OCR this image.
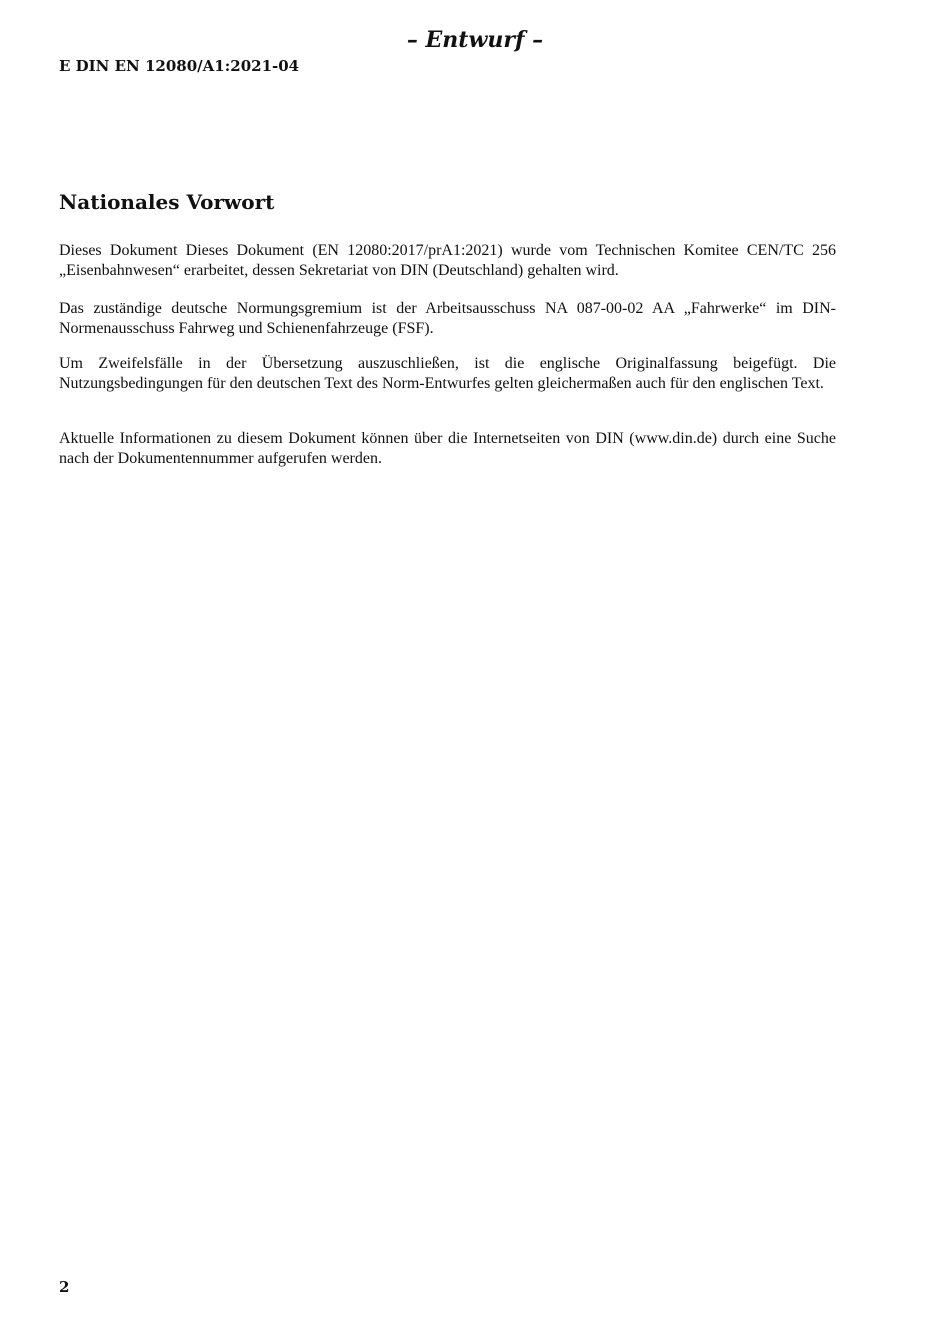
– Entwurf –
E DIN EN 12080/A1:2021-04
Nationales Vorwort

Dieses Dokument Dieses Dokument (EN 12080:2017/prA1:2021) wurde vom Technischen Komitee CEN/TC 256 „Eisenbahnwesen“ erarbeitet, dessen Sekretariat von DIN (Deutschland) gehalten wird.

Das zuständige deutsche Normungsgremium ist der Arbeitsausschuss NA 087-00-02 AA „Fahrwerke“ im DIN-Normenausschuss Fahrweg und Schienenfahrzeuge (FSF).

Um Zweifelsfälle in der Übersetzung auszuschließen, ist die englische Originalfassung beigefügt. Die Nutzungsbedingungen für den deutschen Text des Norm-Entwurfes gelten gleichermaßen auch für den englischen Text.

Aktuelle Informationen zu diesem Dokument können über die Internetseiten von DIN (www.din.de) durch eine Suche nach der Dokumentennummer aufgerufen werden.

2
